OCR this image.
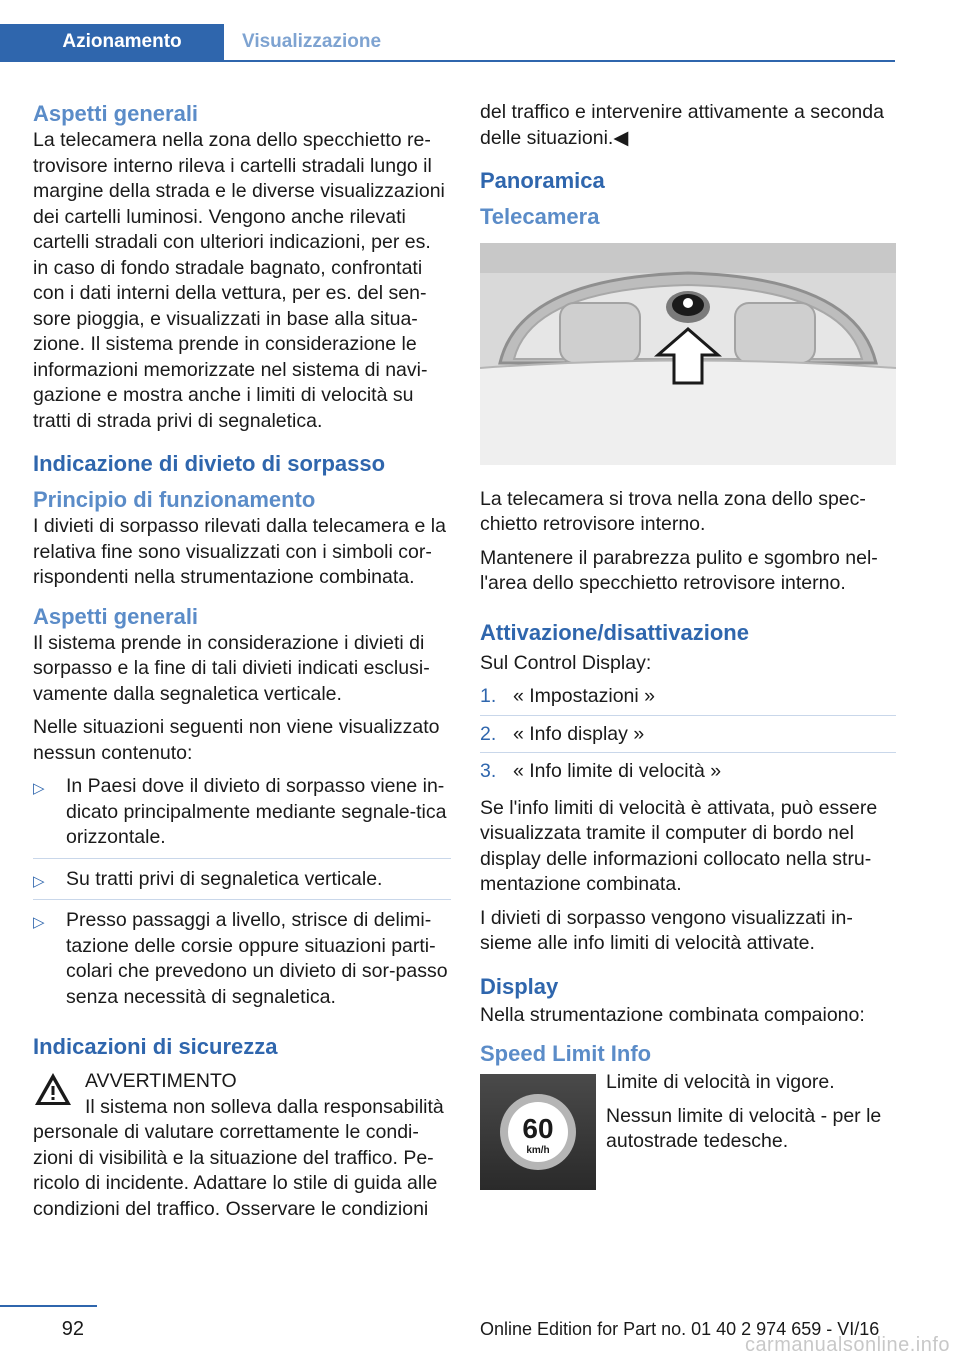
Azionamento	Visualizzazione
Aspetti generali

La telecamera nella zona dello specchietto re‐trovisore interno rileva i cartelli stradali lungo il margine della strada e le diverse visualizzazioni dei cartelli luminosi. Vengono anche rilevati cartelli stradali con ulteriori indicazioni, per es. in caso di fondo stradale bagnato, confrontati con i dati interni della vettura, per es. del sen‐sore pioggia, e visualizzati in base alla situa‐zione. Il sistema prende in considerazione le informazioni memorizzate nel sistema di navi‐gazione e mostra anche i limiti di velocità su tratti di strada privi di segnaletica.

Indicazione di divieto di sorpasso
Principio di funzionamento

I divieti di sorpasso rilevati dalla telecamera e la relativa fine sono visualizzati con i simboli cor‐rispondenti nella strumentazione combinata.

Aspetti generali

Il sistema prende in considerazione i divieti di sorpasso e la fine di tali divieti indicati esclusi‐vamente dalla segnaletica verticale.

Nelle situazioni seguenti non viene visualizzato nessun contenuto:

▷ In Paesi dove il divieto di sorpasso viene in‐dicato principalmente mediante segnale‐tica orizzontale.
▷ Su tratti privi di segnaletica verticale.
▷ Presso passaggi a livello, strisce di delimi‐tazione delle corsie oppure situazioni parti‐colari che prevedono un divieto di sor‐passo senza necessità di segnaletica.
Indicazioni di sicurezza
AVVERTIMENTO
Il sistema non solleva dalla responsabilità personale di valutare correttamente le condi‐zioni di visibilità e la situazione del traffico. Pe‐ricolo di incidente. Adattare lo stile di guida alle condizioni del traffico. Osservare le condizioni

del traffico e intervenire attivamente a seconda delle situazioni.◀

Panoramica
Telecamera

La telecamera si trova nella zona dello spec‐chietto retrovisore interno.

Mantenere il parabrezza pulito e sgombro nel‐l'area dello specchietto retrovisore interno.

Attivazione/disattivazione

Sul Control Display:

1. « Impostazioni »
2. « Info display »
3. « Info limite di velocità »

Se l'info limiti di velocità è attivata, può essere visualizzata tramite il computer di bordo nel display delle informazioni collocato nella stru‐mentazione combinata.

I divieti di sorpasso vengono visualizzati in‐sieme alle info limiti di velocità attivate.

Display

Nella strumentazione combinata compaiono:

Speed Limit Info
60
km/h

Limite di velocità in vigore.

Nessun limite di velocità - per le autostrade tedesche.

92	Online Edition for Part no. 01 40 2 974 659 - VI/16
carmanualsonline.info
